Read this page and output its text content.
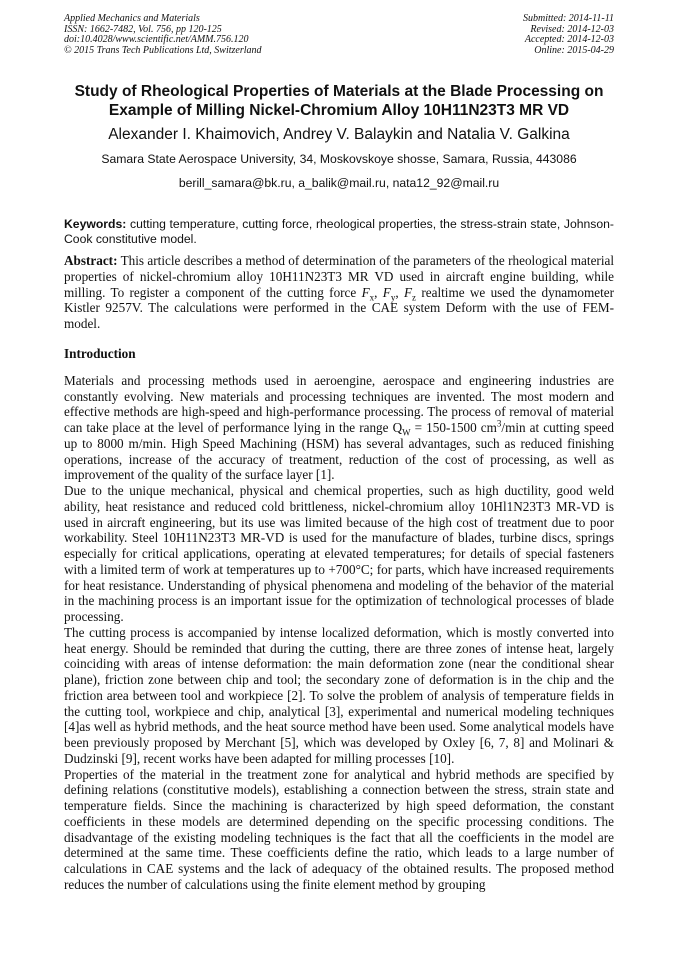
Applied Mechanics and Materials
ISSN: 1662-7482, Vol. 756, pp 120-125
doi:10.4028/www.scientific.net/AMM.756.120
© 2015 Trans Tech Publications Ltd, Switzerland
Submitted: 2014-11-11
Revised: 2014-12-03
Accepted: 2014-12-03
Online: 2015-04-29
Study of Rheological Properties of Materials at the Blade Processing on Example of Milling Nickel-Chromium Alloy 10H11N23T3 MR VD
Alexander I. Khaimovich, Andrey V. Balaykin and Natalia V. Galkina
Samara State Aerospace University, 34, Moskovskoye shosse, Samara, Russia, 443086
berill_samara@bk.ru, a_balik@mail.ru, nata12_92@mail.ru
Keywords: cutting temperature, cutting force, rheological properties, the stress-strain state, Johnson-Cook constitutive model.
Abstract: This article describes a method of determination of the parameters of the rheological material properties of nickel-chromium alloy 10H11N23T3 MR VD used in aircraft engine building, while milling. To register a component of the cutting force $F_x$, $F_y$, $F_z$ realtime we used the dynamometer Kistler 9257V. The calculations were performed in the CAE system Deform with the use of FEM-model.
Introduction

Materials and processing methods used in aeroengine, aerospace and engineering industries are constantly evolving. New materials and processing techniques are invented. The most modern and effective methods are high-speed and high-performance processing. The process of removal of material can take place at the level of performance lying in the range $Q_W = 150-1500$ $cm^3/\min$ at cutting speed up to 8000 m/min. High Speed Machining (HSM) has several advantages, such as reduced finishing operations, increase of the accuracy of treatment, reduction of the cost of processing, as well as improvement of the quality of the surface layer [1].

Due to the unique mechanical, physical and chemical properties, such as high ductility, good weld ability, heat resistance and reduced cold brittleness, nickel-chromium alloy 10Hl1N23T3 MR-VD is used in aircraft engineering, but its use was limited because of the high cost of treatment due to poor workability. Steel 10H11N23T3 MR-VD is used for the manufacture of blades, turbine discs, springs especially for critical applications, operating at elevated temperatures; for details of special fasteners with a limited term of work at temperatures up to +700°C; for parts, which have increased requirements for heat resistance. Understanding of physical phenomena and modeling of the behavior of the material in the machining process is an important issue for the optimization of technological processes of blade processing.

The cutting process is accompanied by intense localized deformation, which is mostly converted into heat energy. Should be reminded that during the cutting, there are three zones of intense heat, largely coinciding with areas of intense deformation: the main deformation zone (near the conditional shear plane), friction zone between chip and tool; the secondary zone of deformation is in the chip and the friction area between tool and workpiece [2]. To solve the problem of analysis of temperature fields in the cutting tool, workpiece and chip, analytical [3], experimental and numerical modeling techniques [4]as well as hybrid methods, and the heat source method have been used. Some analytical models have been previously proposed by Merchant [5], which was developed by Oxley [6, 7, 8] and Molinari & Dudzinski [9], recent works have been adapted for milling processes [10].

Properties of the material in the treatment zone for analytical and hybrid methods are specified by defining relations (constitutive models), establishing a connection between the stress, strain state and temperature fields. Since the machining is characterized by high speed deformation, the constant coefficients in these models are determined depending on the specific processing conditions. The disadvantage of the existing modeling techniques is the fact that all the coefficients in the model are determined at the same time. These coefficients define the ratio, which leads to a large number of calculations in CAE systems and the lack of adequacy of the obtained results. The proposed method reduces the number of calculations using the finite element method by grouping
